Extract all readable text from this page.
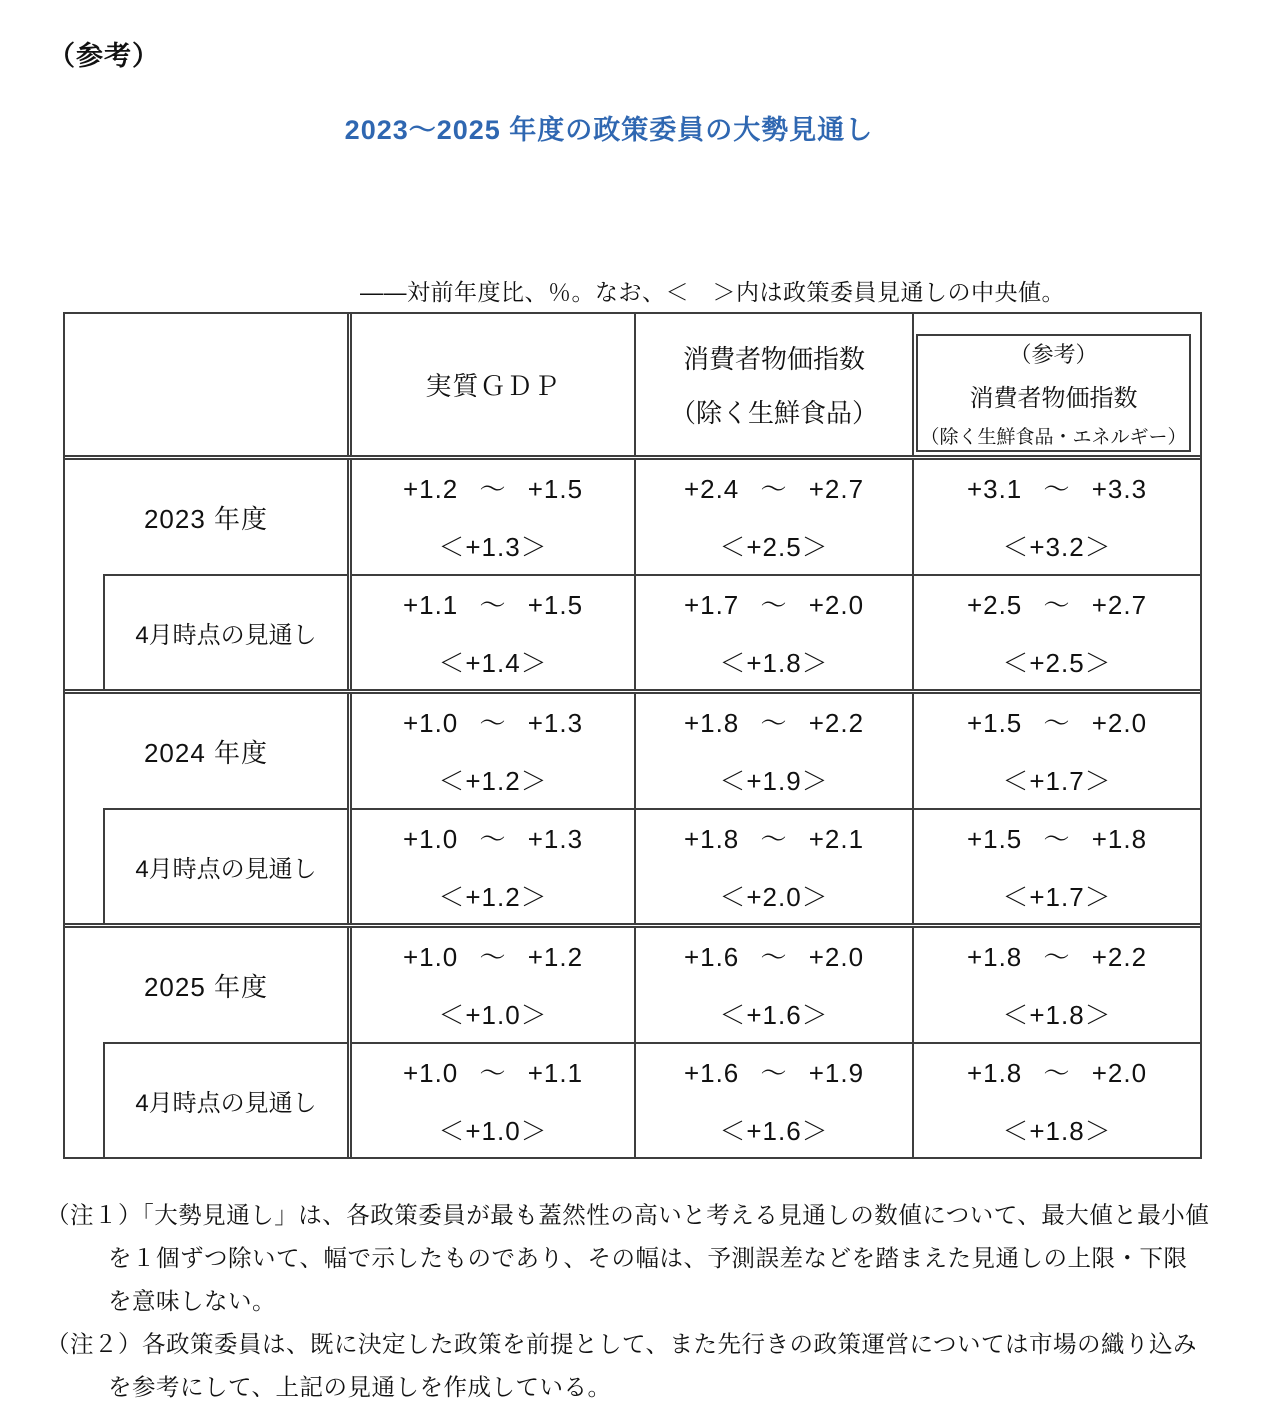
（参考）
2023～2025 年度の政策委員の大勢見通し
――対前年度比、％。なお、＜　＞内は政策委員見通しの中央値。
実質ＧＤＰ
消費者物価指数
（除く生鮮食品）
（参考）
消費者物価指数
（除く生鮮食品・エネルギー）
2023 年度
4月時点の見通し
+1.2 ～ +1.5
＜+1.3＞
+2.4 ～ +2.7
＜+2.5＞
+3.1 ～ +3.3
＜+3.2＞
+1.1 ～ +1.5
＜+1.4＞
+1.7 ～ +2.0
＜+1.8＞
+2.5 ～ +2.7
＜+2.5＞
2024 年度
4月時点の見通し
+1.0 ～ +1.3
＜+1.2＞
+1.8 ～ +2.2
＜+1.9＞
+1.5 ～ +2.0
＜+1.7＞
+1.0 ～ +1.3
＜+1.2＞
+1.8 ～ +2.1
＜+2.0＞
+1.5 ～ +1.8
＜+1.7＞
2025 年度
4月時点の見通し
+1.0 ～ +1.2
＜+1.0＞
+1.6 ～ +2.0
＜+1.6＞
+1.8 ～ +2.2
＜+1.8＞
+1.0 ～ +1.1
＜+1.0＞
+1.6 ～ +1.9
＜+1.6＞
+1.8 ～ +2.0
＜+1.8＞
（注１）「大勢見通し」は、各政策委員が最も蓋然性の高いと考える見通しの数値について、最大値と最小値
を１個ずつ除いて、幅で示したものであり、その幅は、予測誤差などを踏まえた見通しの上限・下限
を意味しない。
（注２）各政策委員は、既に決定した政策を前提として、また先行きの政策運営については市場の織り込み
を参考にして、上記の見通しを作成している。
